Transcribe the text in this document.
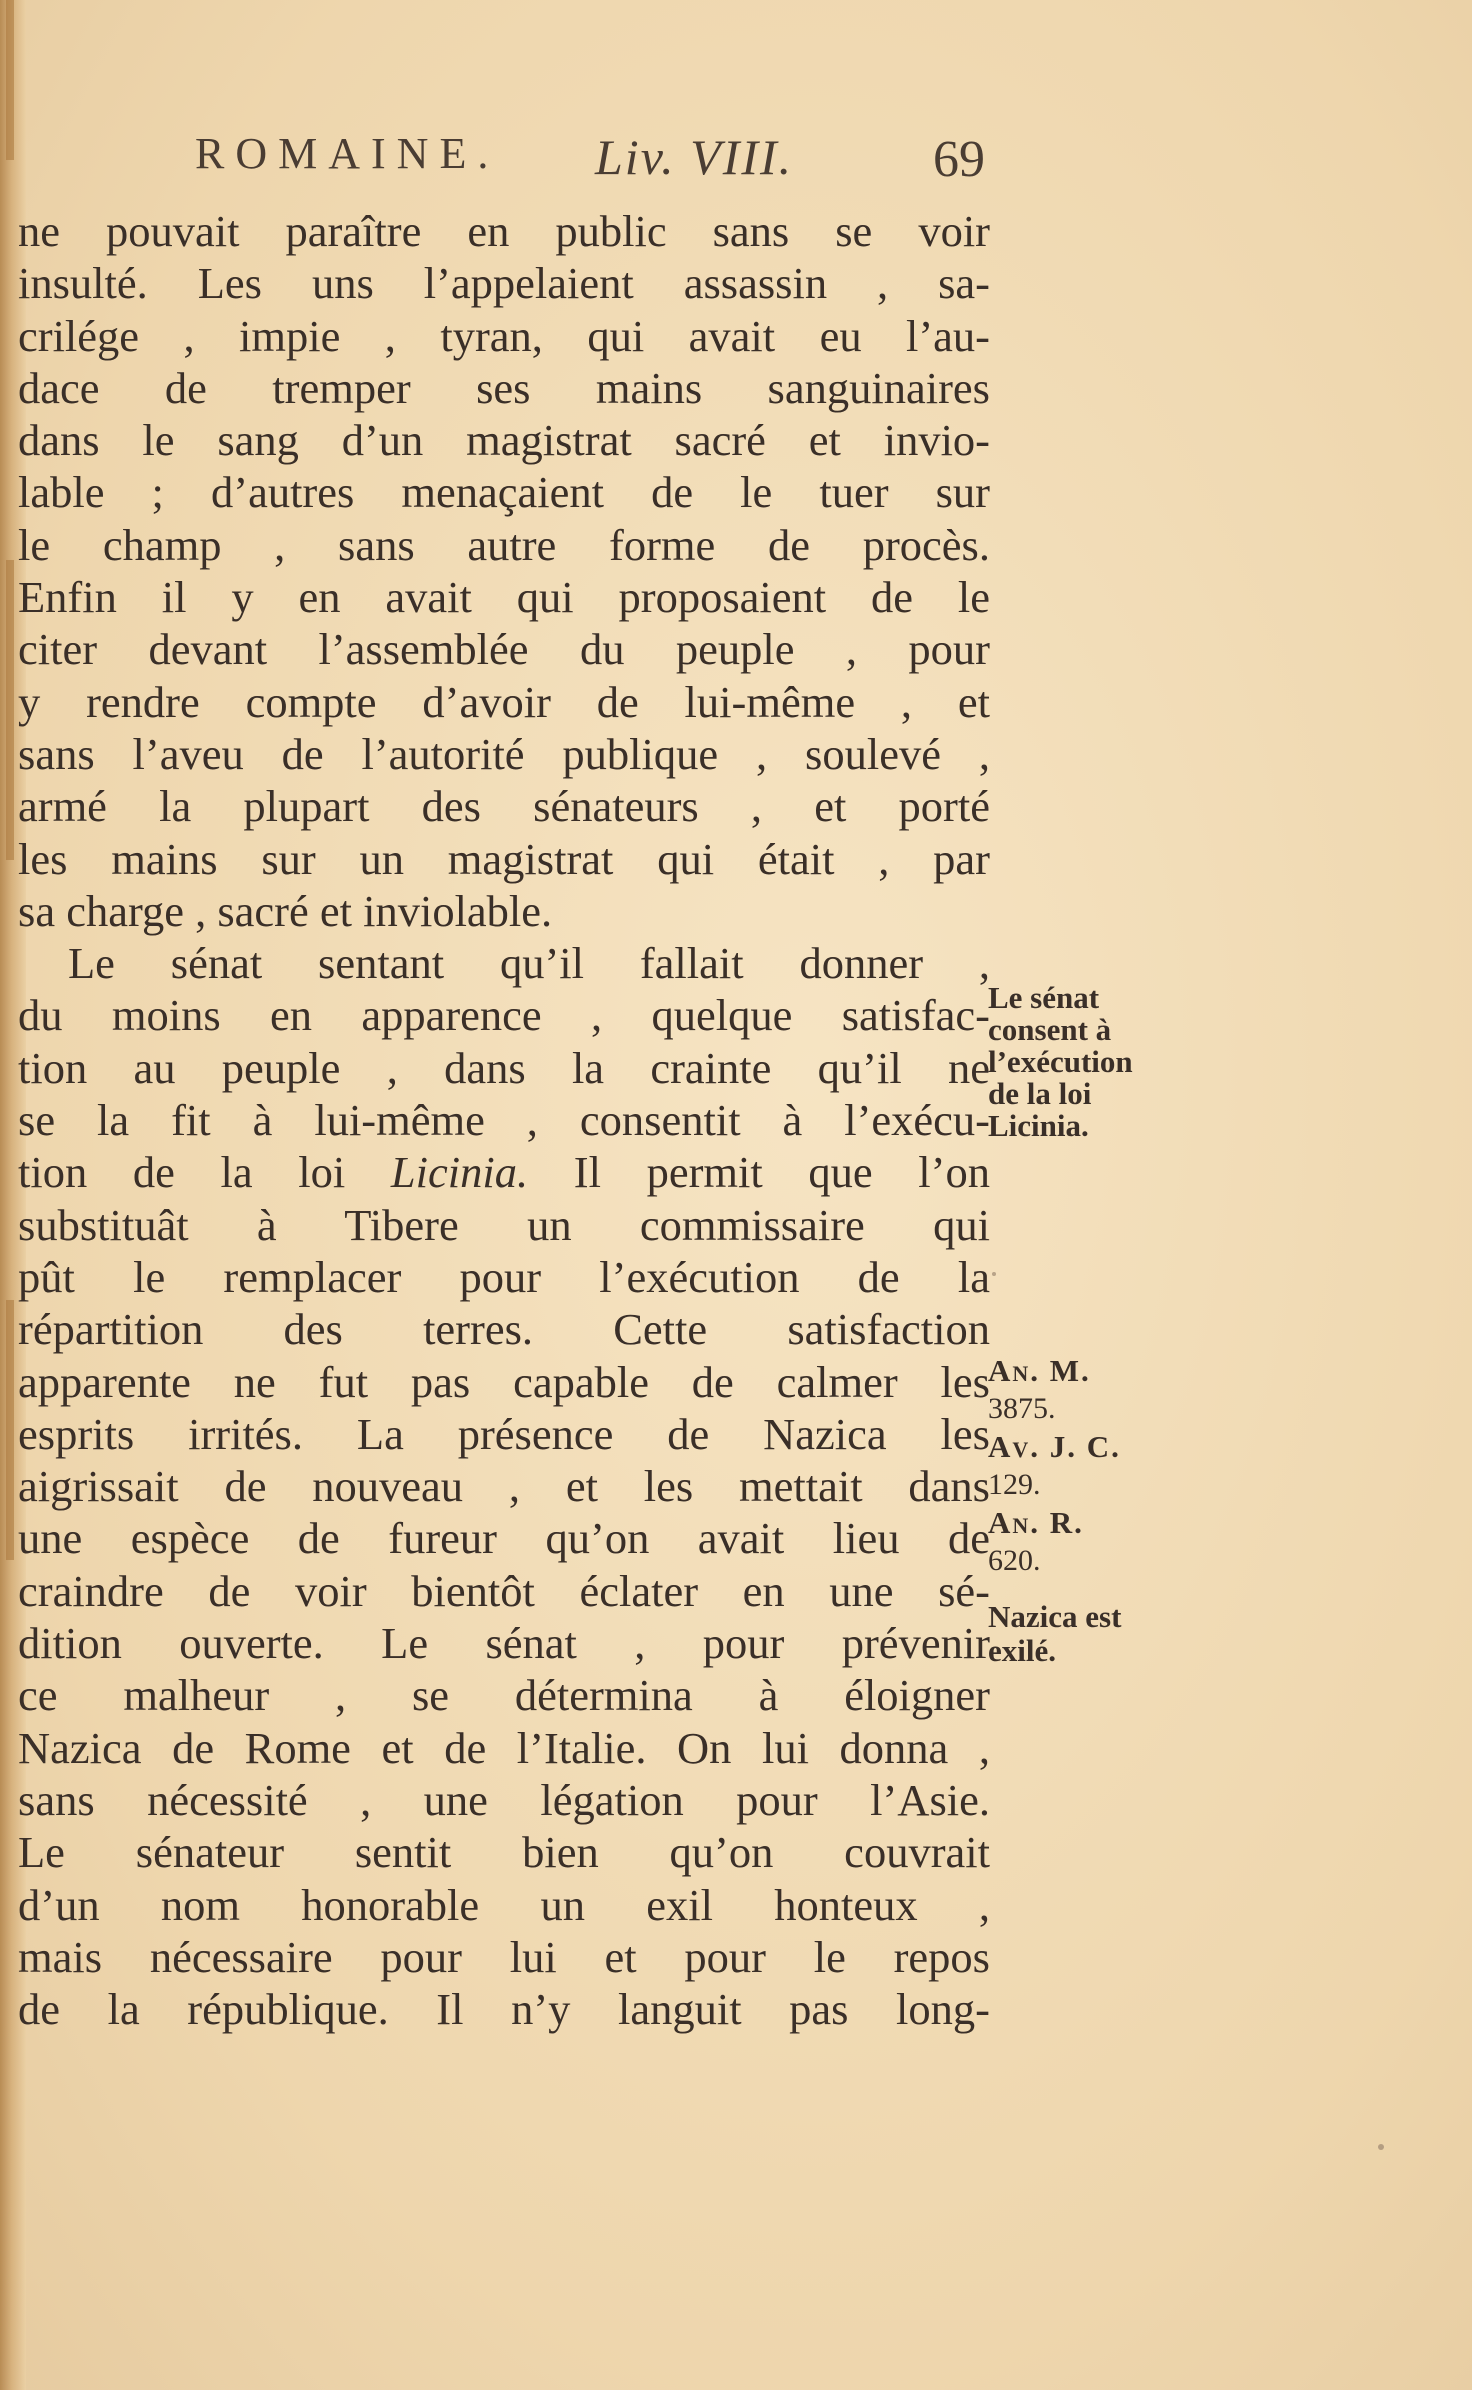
ROMAINE. Liv. VIII.	69
ne pouvait paraître en public sans se voir
insulté. Les uns l’appelaient assassin , sa-
crilége , impie , tyran, qui avait eu l’au-
dace de tremper ses mains sanguinaires
dans le sang d’un magistrat sacré et invio-
lable ; d’autres menaçaient de le tuer sur
le champ , sans autre forme de procès.
Enfin il y en avait qui proposaient de le
citer devant l’assemblée du peuple , pour
y rendre compte d’avoir de lui-même , et
sans l’aveu de l’autorité publique , soulevé ,
armé la plupart des sénateurs , et porté
les mains sur un magistrat qui était , par
sa charge , sacré et inviolable.
Le sénat sentant qu’il fallait donner ,
du moins en apparence , quelque satisfac-
tion au peuple , dans la crainte qu’il ne
se la fit à lui-même , consentit à l’exécu-
tion de la loi Licinia. Il permit que l’on
substituât à Tibere un commissaire qui
pût le remplacer pour l’exécution de la
répartition des terres. Cette satisfaction
apparente ne fut pas capable de calmer les
esprits irrités. La présence de Nazica les
aigrissait de nouveau , et les mettait dans
une espèce de fureur qu’on avait lieu de
craindre de voir bientôt éclater en une sé-
dition ouverte. Le sénat , pour prévenir
ce malheur , se détermina à éloigner
Nazica de Rome et de l’Italie. On lui donna ,
sans nécessité , une légation pour l’Asie.
Le sénateur sentit bien qu’on couvrait
d’un nom honorable un exil honteux ,
mais nécessaire pour lui et pour le repos
de la république. Il n’y languit pas long-
Le sénat
consent à
l’exécution
de la loi
Licinia.
An. M.
3875.
Av. J. C.
129.
An. R.
620.
Nazica est
exilé.
